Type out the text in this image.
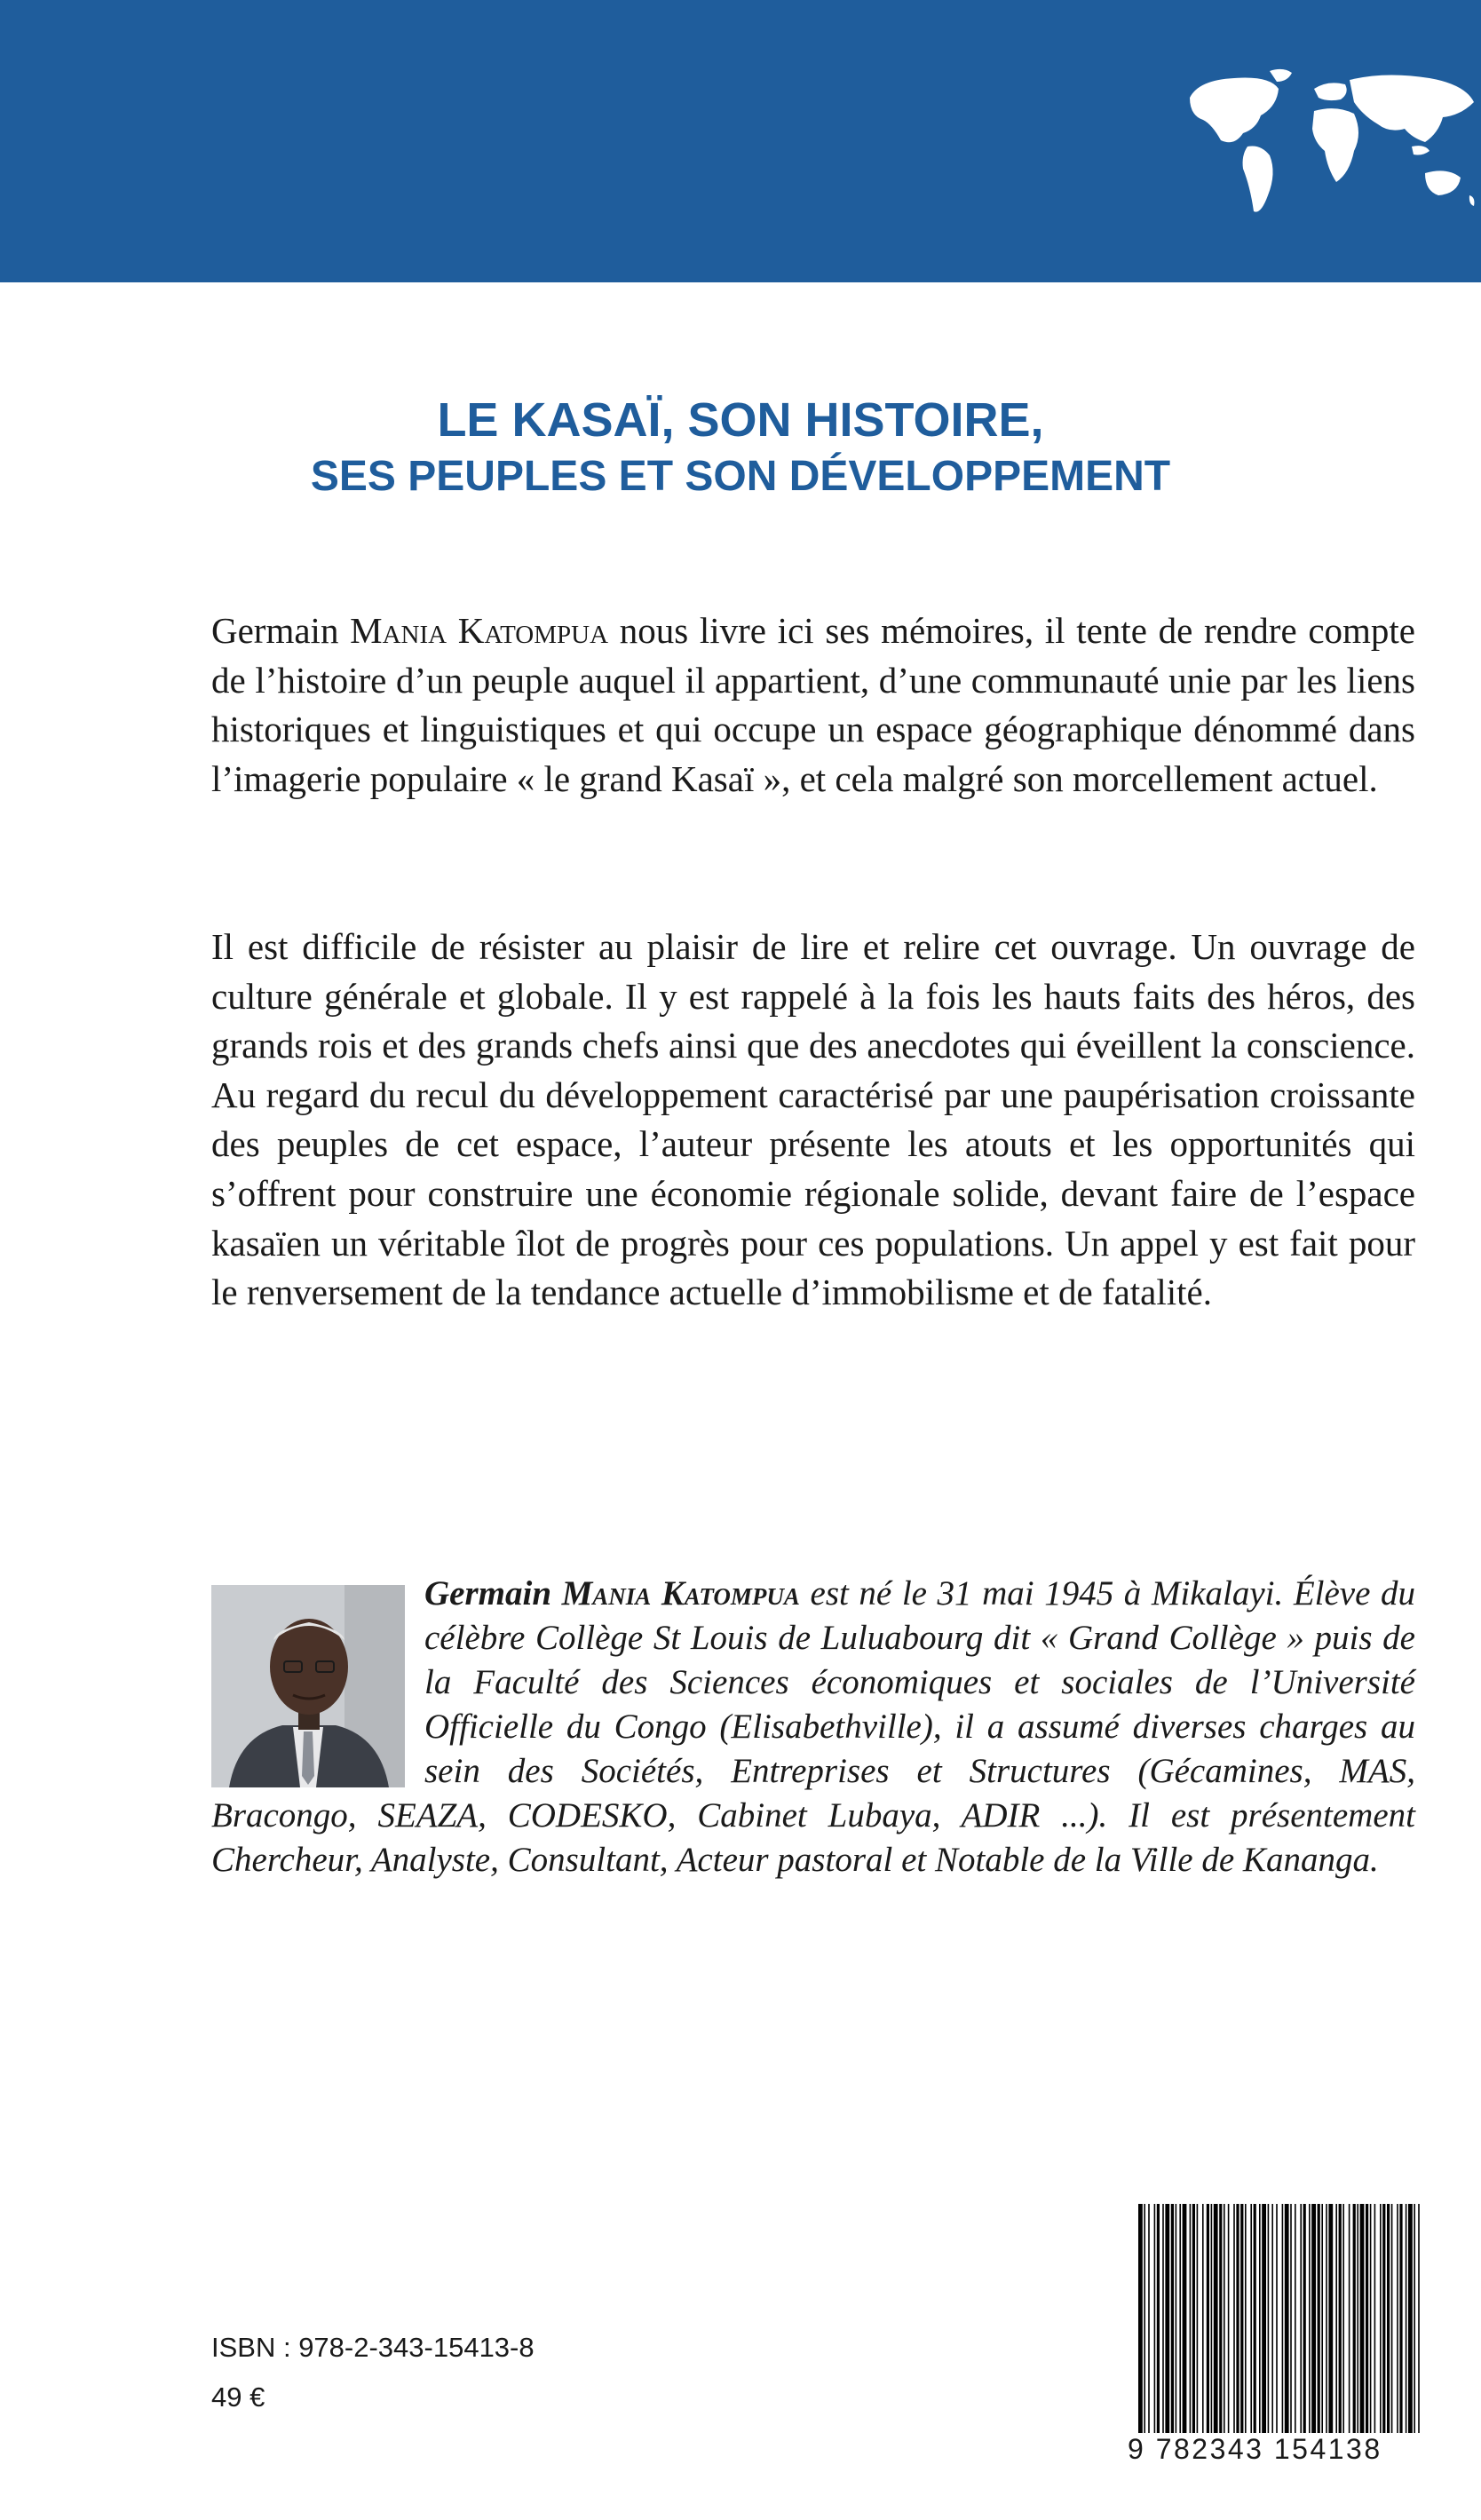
LE KASAÏ, SON HISTOIRE,
SES PEUPLES ET SON DÉVELOPPEMENT

Germain Mania Katompua nous livre ici ses mémoires, il tente de rendre compte de l’histoire d’un peuple auquel il appartient, d’une communauté unie par les liens historiques et linguistiques et qui occupe un espace géographique dénommé dans l’imagerie populaire « le grand Kasaï », et cela malgré son morcellement actuel.

Il est difficile de résister au plaisir de lire et relire cet ouvrage. Un ouvrage de culture générale et globale. Il y est rappelé à la fois les hauts faits des héros, des grands rois et des grands chefs ainsi que des anecdotes qui éveillent la conscience. Au regard du recul du développement caractérisé par une paupérisation croissante des peuples de cet espace, l’auteur présente les atouts et les opportunités qui s’offrent pour construire une économie régionale solide, devant faire de l’espace kasaïen un véritable îlot de progrès pour ces populations. Un appel y est fait pour le renversement de la tendance actuelle d’immobilisme et de fatalité.

Germain Mania Katompua est né le 31 mai 1945 à Mikalayi. Élève du célèbre Collège St Louis de Luluabourg dit « Grand Collège » puis de la Faculté des Sciences économiques et sociales de l’Université Officielle du Congo (Elisabethville), il a assumé diverses charges au sein des Sociétés, Entreprises et Structures (Gécamines, MAS, Bracongo, SEAZA, CODESKO, Cabinet Lubaya, ADIR ...). Il est présentement Chercheur, Analyste, Consultant, Acteur pastoral et Notable de la Ville de Kananga.

ISBN : 978-2-343-15413-8
49 €
9 782343 154138
